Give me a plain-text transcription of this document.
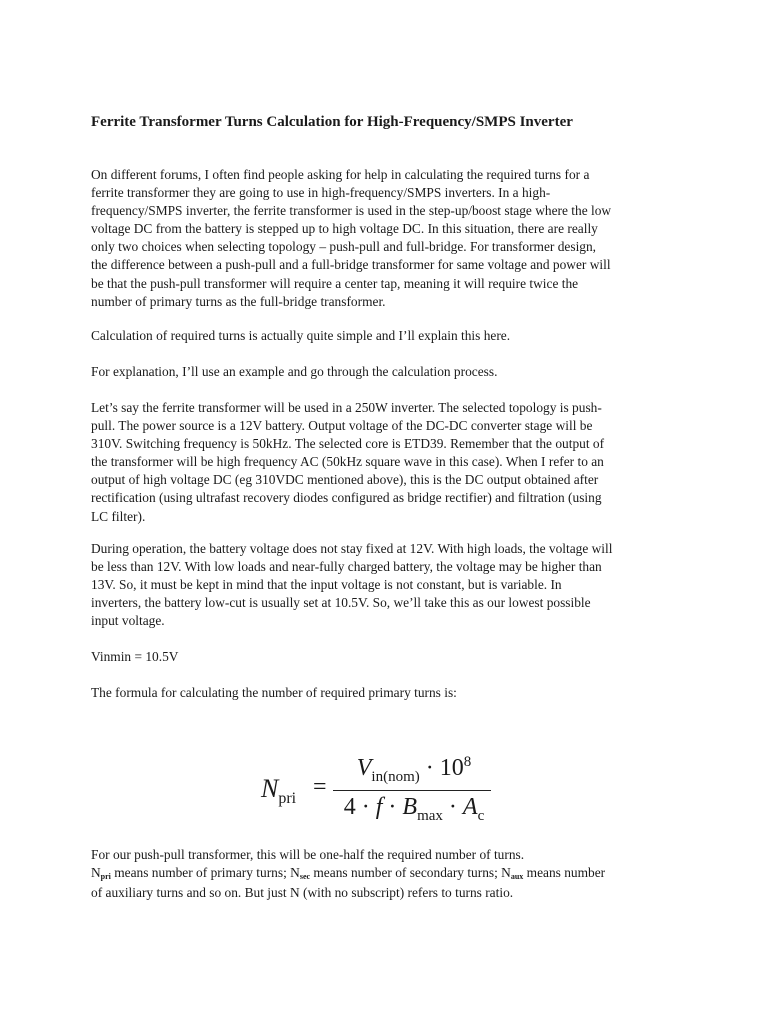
Ferrite Transformer Turns Calculation for High-Frequency/SMPS Inverter

On different forums, I often find people asking for help in calculating the required turns for a
ferrite transformer they are going to use in high-frequency/SMPS inverters. In a high-
frequency/SMPS inverter, the ferrite transformer is used in the step-up/boost stage where the low
voltage DC from the battery is stepped up to high voltage DC. In this situation, there are really
only two choices when selecting topology – push-pull and full-bridge. For transformer design,
the difference between a push-pull and a full-bridge transformer for same voltage and power will
be that the push-pull transformer will require a center tap, meaning it will require twice the
number of primary turns as the full-bridge transformer.

Calculation of required turns is actually quite simple and I’ll explain this here.

For explanation, I’ll use an example and go through the calculation process.

Let’s say the ferrite transformer will be used in a 250W inverter. The selected topology is push-
pull. The power source is a 12V battery. Output voltage of the DC-DC converter stage will be
310V. Switching frequency is 50kHz. The selected core is ETD39. Remember that the output of
the transformer will be high frequency AC (50kHz square wave in this case). When I refer to an
output of high voltage DC (eg 310VDC mentioned above), this is the DC output obtained after
rectification (using ultrafast recovery diodes configured as bridge rectifier) and filtration (using
LC filter).

During operation, the battery voltage does not stay fixed at 12V. With high loads, the voltage will
be less than 12V. With low loads and near-fully charged battery, the voltage may be higher than
13V. So, it must be kept in mind that the input voltage is not constant, but is variable. In
inverters, the battery low-cut is usually set at 10.5V. So, we’ll take this as our lowest possible
input voltage.

Vinmin = 10.5V

The formula for calculating the number of required primary turns is:

$N_{pri}$ =
$V_{in(nom)} \cdot 10^8$
$4 \cdot f \cdot B_{max} \cdot A_c$

For our push-pull transformer, this will be one-half the required number of turns.
Npri means number of primary turns; Nsec means number of secondary turns; Naux means number
of auxiliary turns and so on. But just N (with no subscript) refers to turns ratio.
